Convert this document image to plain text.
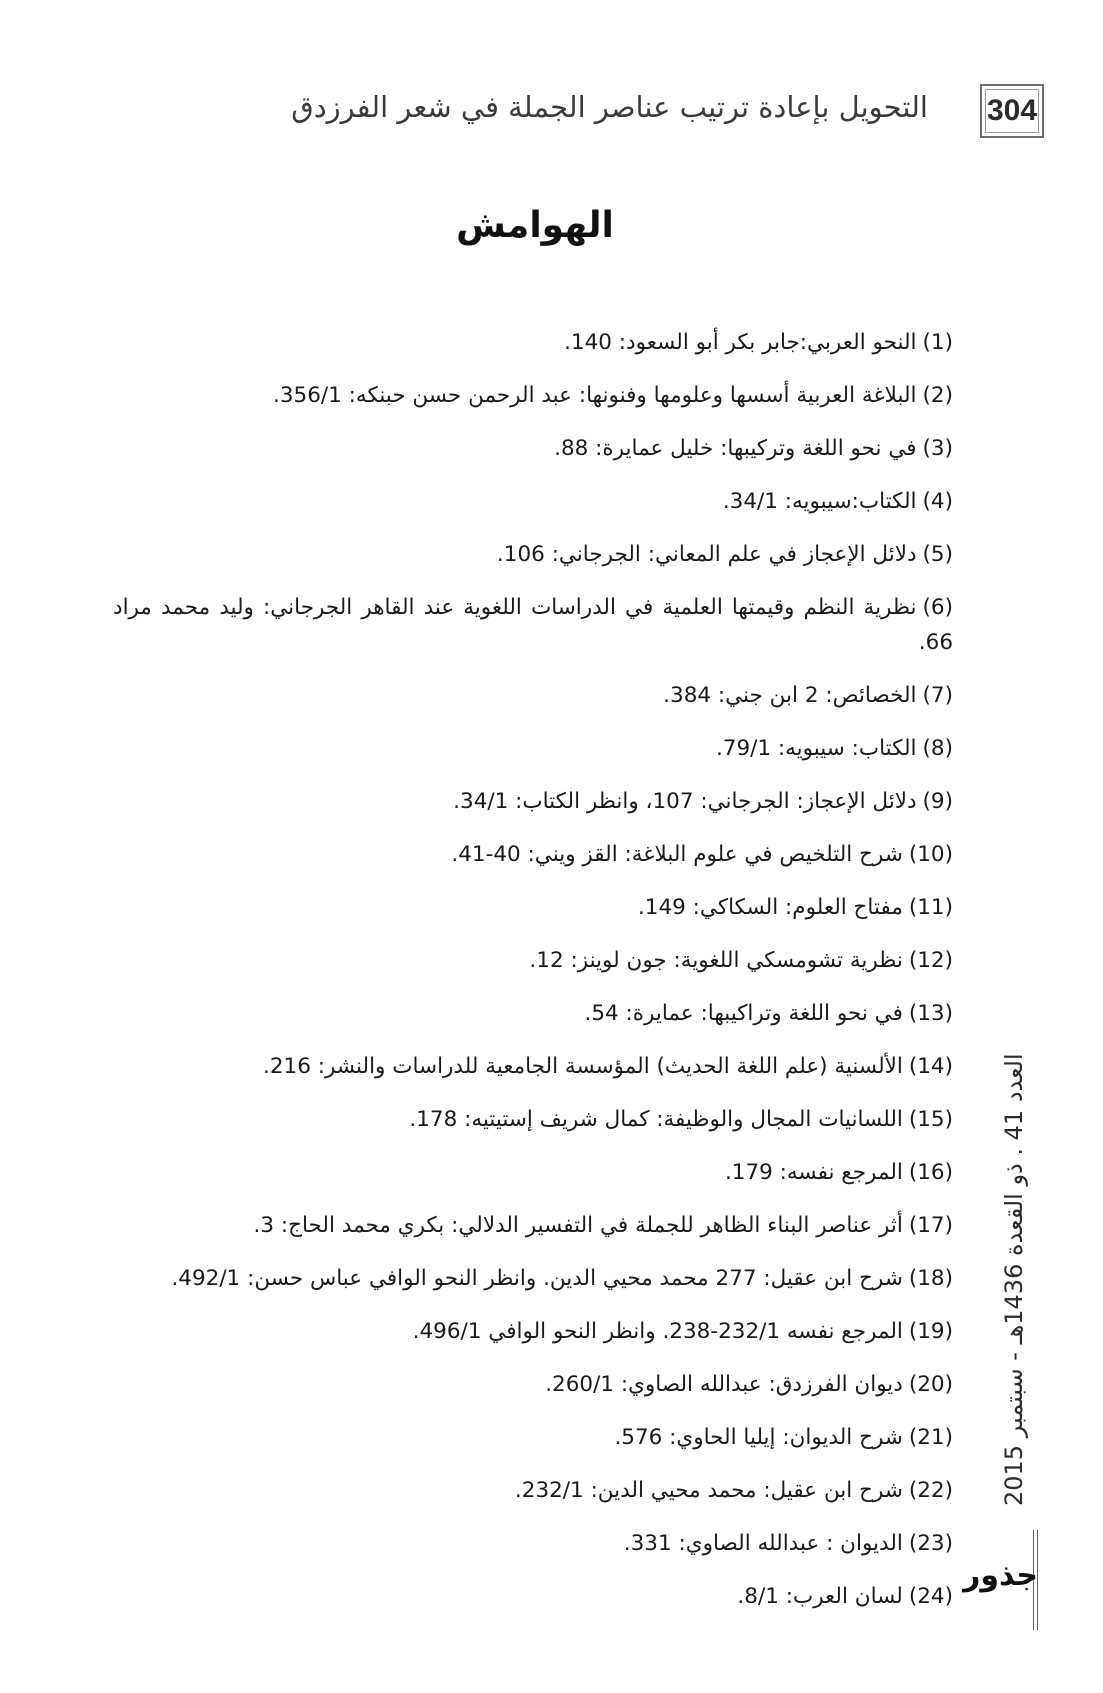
304
التحويل بإعادة ترتيب عناصر الجملة في شعر الفرزدق
الهوامش
(1)النحو العربي:جابر بكر أبو السعود: 140.
(2)البلاغة العربية أسسها وعلومها وفنونها: عبد الرحمن حسن حبنكه: 356/1.
(3)في نحو اللغة وتركيبها: خليل عمايرة: 88.
(4)الكتاب:سيبويه: 34/1.
(5)دلائل الإعجاز في علم المعاني: الجرجاني: 106.
(6)نظرية النظم وقيمتها العلمية في الدراسات اللغوية عند القاهر الجرجاني: وليد محمد مراد 66.
(7)الخصائص: 2 ابن جني: 384.
(8)الكتاب: سيبويه: 79/1.
(9)دلائل الإعجاز: الجرجاني: 107، وانظر الكتاب: 34/1.
(10)شرح التلخيص في علوم البلاغة: القز ويني: 40-41.
(11)مفتاح العلوم: السكاكي: 149.
(12)نظرية تشومسكي اللغوية: جون لوينز: 12.
(13)في نحو اللغة وتراكيبها: عمايرة: 54.
(14)الألسنية (علم اللغة الحديث) المؤسسة الجامعية للدراسات والنشر: 216.
(15)اللسانيات المجال والوظيفة: كمال شريف إستيتيه: 178.
(16)المرجع نفسه: 179.
(17)أثر عناصر البناء الظاهر للجملة في التفسير الدلالي: بكري محمد الحاج: 3.
(18)شرح ابن عقيل: 277 محمد محيي الدين. وانظر النحو الوافي عباس حسن: 492/1.
(19)المرجع نفسه 232/1-238. وانظر النحو الوافي 496/1.
(20)ديوان الفرزدق: عبدالله الصاوي: 260/1.
(21)شرح الديوان: إيليا الحاوي: 576.
(22)شرح ابن عقيل: محمد محيي الدين: 232/1.
(23)الديوان : عبدالله الصاوي: 331.
(24)لسان العرب: 8/1.
العدد 41 . ذو القعدة 1436هـ - سبتمبر 2015
جذور
